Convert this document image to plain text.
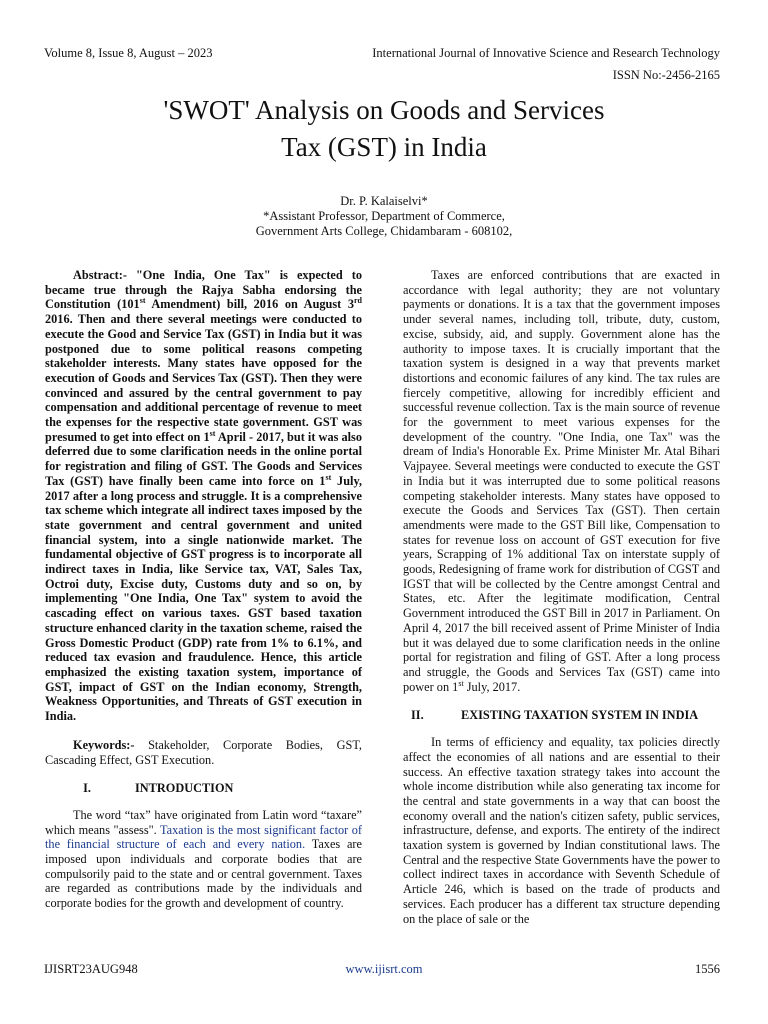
Volume 8, Issue 8, August – 2023	International Journal of Innovative Science and Research Technology
ISSN No:-2456-2165
'SWOT' Analysis on Goods and Services
Tax (GST) in India
Dr. P. Kalaiselvi*
*Assistant Professor, Department of Commerce,
Government Arts College, Chidambaram - 608102,

Abstract:- "One India, One Tax" is expected to became true through the Rajya Sabha endorsing the Constitution (101st Amendment) bill, 2016 on August 3rd 2016. Then and there several meetings were conducted to execute the Good and Service Tax (GST) in India but it was postponed due to some political reasons competing stakeholder interests. Many states have opposed for the execution of Goods and Services Tax (GST). Then they were convinced and assured by the central government to pay compensation and additional percentage of revenue to meet the expenses for the respective state government. GST was presumed to get into effect on 1st April - 2017, but it was also deferred due to some clarification needs in the online portal for registration and filing of GST. The Goods and Services Tax (GST) have finally been came into force on 1st July, 2017 after a long process and struggle. It is a comprehensive tax scheme which integrate all indirect taxes imposed by the state government and central government and united financial system, into a single nationwide market. The fundamental objective of GST progress is to incorporate all indirect taxes in India, like Service tax, VAT, Sales Tax, Octroi duty, Excise duty, Customs duty and so on, by implementing "One India, One Tax" system to avoid the cascading effect on various taxes. GST based taxation structure enhanced clarity in the taxation scheme, raised the Gross Domestic Product (GDP) rate from 1% to 6.1%, and reduced tax evasion and fraudulence. Hence, this article emphasized the existing taxation system, importance of GST, impact of GST on the Indian economy, Strength, Weakness Opportunities, and Threats of GST execution in India.

Keywords:- Stakeholder, Corporate Bodies, GST, Cascading Effect, GST Execution.

I.	INTRODUCTION

The word “tax” have originated from Latin word “taxare” which means "assess". Taxation is the most significant factor of the financial structure of each and every nation. Taxes are imposed upon individuals and corporate bodies that are compulsorily paid to the state and or central government. Taxes are regarded as contributions made by the individuals and corporate bodies for the growth and development of country.

Taxes are enforced contributions that are exacted in accordance with legal authority; they are not voluntary payments or donations. It is a tax that the government imposes under several names, including toll, tribute, duty, custom, excise, subsidy, aid, and supply. Government alone has the authority to impose taxes. It is crucially important that the taxation system is designed in a way that prevents market distortions and economic failures of any kind. The tax rules are fiercely competitive, allowing for incredibly efficient and successful revenue collection. Tax is the main source of revenue for the government to meet various expenses for the development of the country. "One India, one Tax" was the dream of India's Honorable Ex. Prime Minister Mr. Atal Bihari Vajpayee. Several meetings were conducted to execute the GST in India but it was interrupted due to some political reasons competing stakeholder interests. Many states have opposed to execute the Goods and Services Tax (GST). Then certain amendments were made to the GST Bill like, Compensation to states for revenue loss on account of GST execution for five years, Scrapping of 1% additional Tax on interstate supply of goods, Redesigning of frame work for distribution of CGST and IGST that will be collected by the Centre amongst Central and States, etc. After the legitimate modification, Central Government introduced the GST Bill in 2017 in Parliament. On April 4, 2017 the bill received assent of Prime Minister of India but it was delayed due to some clarification needs in the online portal for registration and filing of GST. After a long process and struggle, the Goods and Services Tax (GST) came into power on 1st July, 2017.

II.	EXISTING TAXATION SYSTEM IN INDIA

In terms of efficiency and equality, tax policies directly affect the economies of all nations and are essential to their success. An effective taxation strategy takes into account the whole income distribution while also generating tax income for the central and state governments in a way that can boost the economy overall and the nation's citizen safety, public services, infrastructure, defense, and exports. The entirety of the indirect taxation system is governed by Indian constitutional laws. The Central and the respective State Governments have the power to collect indirect taxes in accordance with Seventh Schedule of Article 246, which is based on the trade of products and services. Each producer has a different tax structure depending on the place of sale or the

IJISRT23AUG948	www.ijisrt.com	1556
